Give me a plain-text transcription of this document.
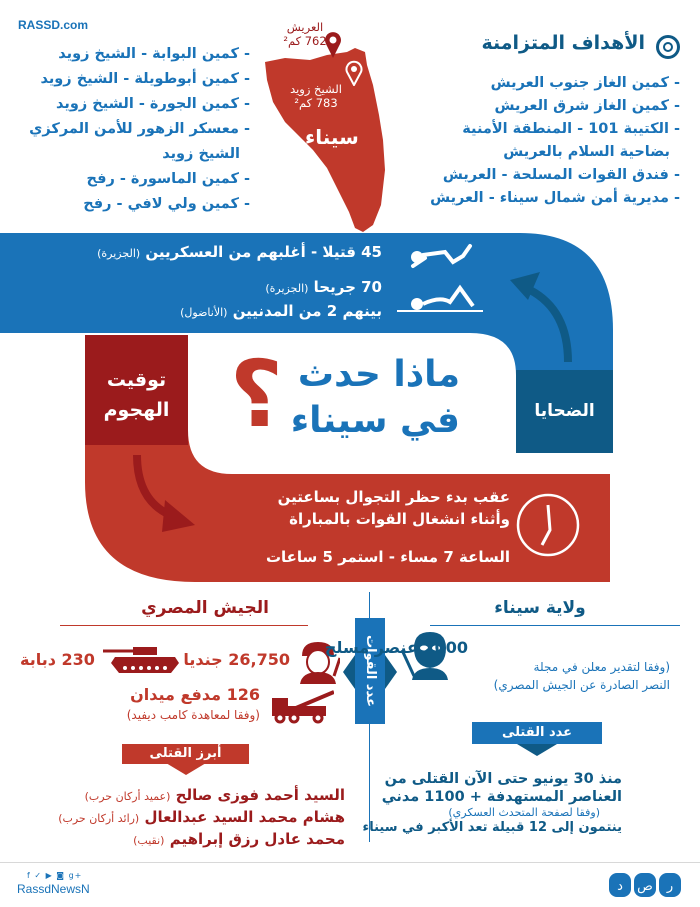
RASSD.com
- كمين البوابة - الشيخ زويد
- كمين أبوطويلة - الشيخ زويد
- كمين الجورة - الشيخ زويد
- معسكر الزهور للأمن المركزي
الشيخ زويد
- كمين الماسورة - رفح
- كمين ولي لافي - رفح
الأهداف المتزامنة
- كمين الغاز جنوب العريش
- كمين الغاز شرق العريش
- الكتيبة 101 - المنطقة الأمنية
بضاحية السلام بالعريش
- فندق القوات المسلحة - العريش
- مديرية أمن شمال سيناء - العريش
العريش
762 كم²
الشيخ زويد
783 كم²
سيناء
45 قتيلا - أغلبهم من العسكريين (الجزيرة)
70 جريحا (الجزيرة)
بينهم 2 من المدنيين (الأناضول)
الضحايا
توقيت
الهجوم ? ماذا حدث
في سيناء
عقب بدء حظر التجوال بساعتين
وأثناء انشغال القوات بالمباراة
الساعة 7 مساء - استمر 5 ساعات
الجيش المصري
26,750 جنديا
230 دبابة
126 مدفع ميدان
(وفقا لمعاهدة كامب ديفيد)
أبرز القتلى
السيد أحمد فوزى صالح (عميد أركان حرب)
هشام محمد السيد عبدالعال (رائد أركان حرب)
محمد عادل رزق إبراهيم (نقيب)
عدد القوات
ولاية سيناء
2000 عنصر مسلح
(وفقا لتقدير معلن في مجلة
النصر الصادرة عن الجيش المصري)
عدد القتلى
منذ 30 يونيو حتى الآن القتلى من
العناصر المستهدفة + 1100 مدني
(وفقا لصفحة المتحدث العسكري)
ينتمون إلى 12 قبيلة تعد الأكبر في سيناء
f ✓ ▶ ◙ g+
RassdNewsN	د ص ر
